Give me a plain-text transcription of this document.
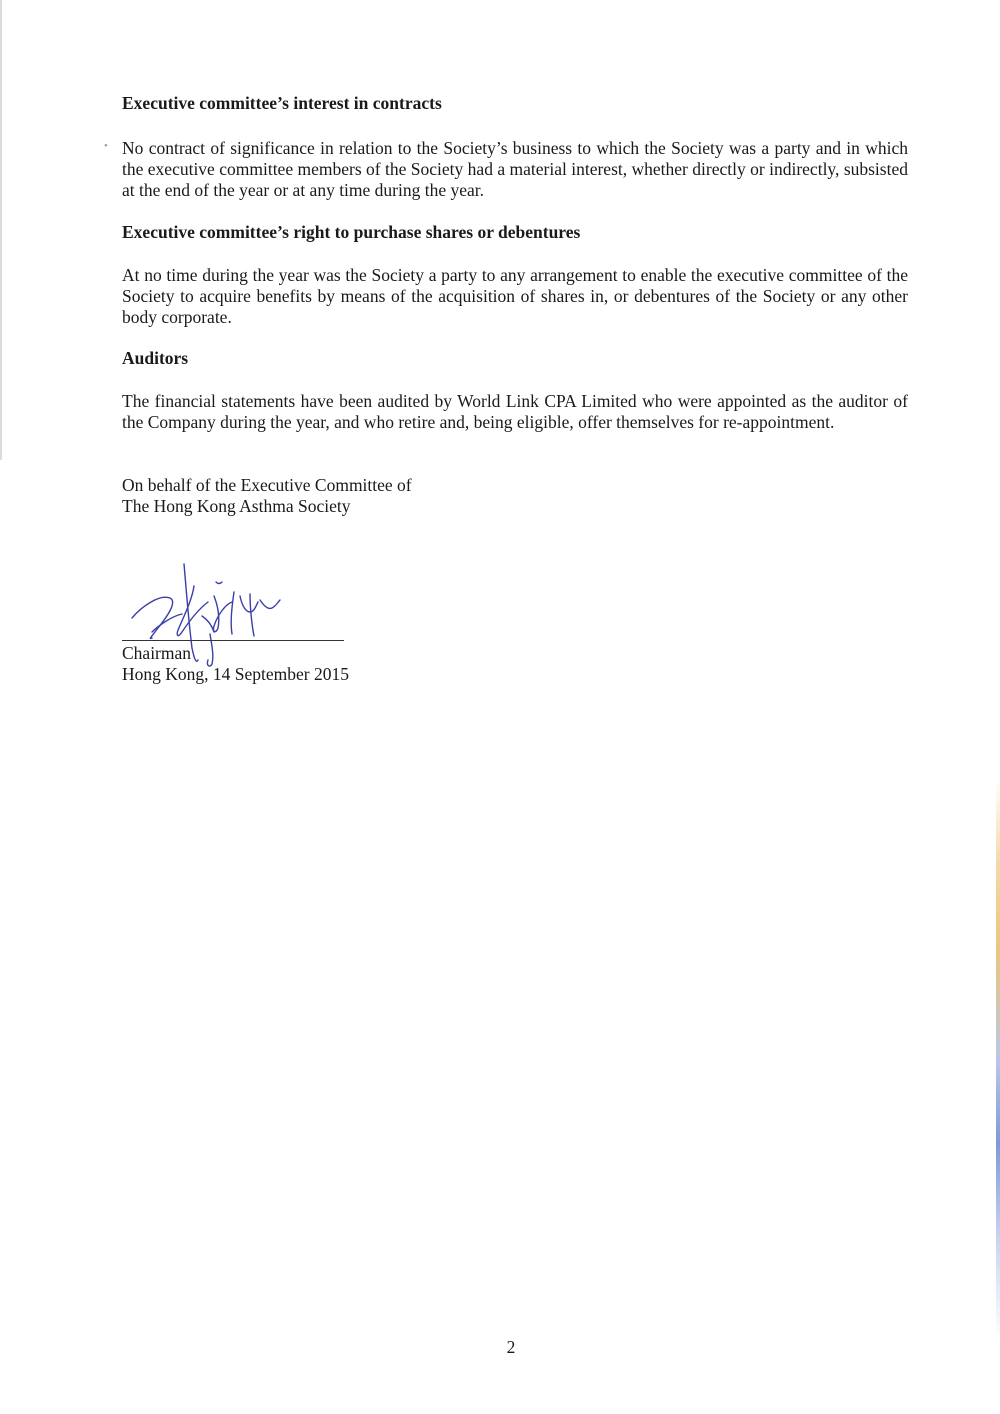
•

Executive committee’s interest in contracts

No contract of significance in relation to the Society’s business to which the Society was a party and in which the executive committee members of the Society had a material interest, whether directly or indirectly, subsisted at the end of the year or at any time during the year.

Executive committee’s right to purchase shares or debentures

At no time during the year was the Society a party to any arrangement to enable the executive committee of the Society to acquire benefits by means of the acquisition of shares in, or debentures of the Society or any other body corporate.

Auditors

The financial statements have been audited by World Link CPA Limited who were appointed as the auditor of the Company during the year, and who retire and, being eligible, offer themselves for re-appointment.

On behalf of the Executive Committee of
The Hong Kong Asthma Society
Chairman
Hong Kong, 14 September 2015
2
